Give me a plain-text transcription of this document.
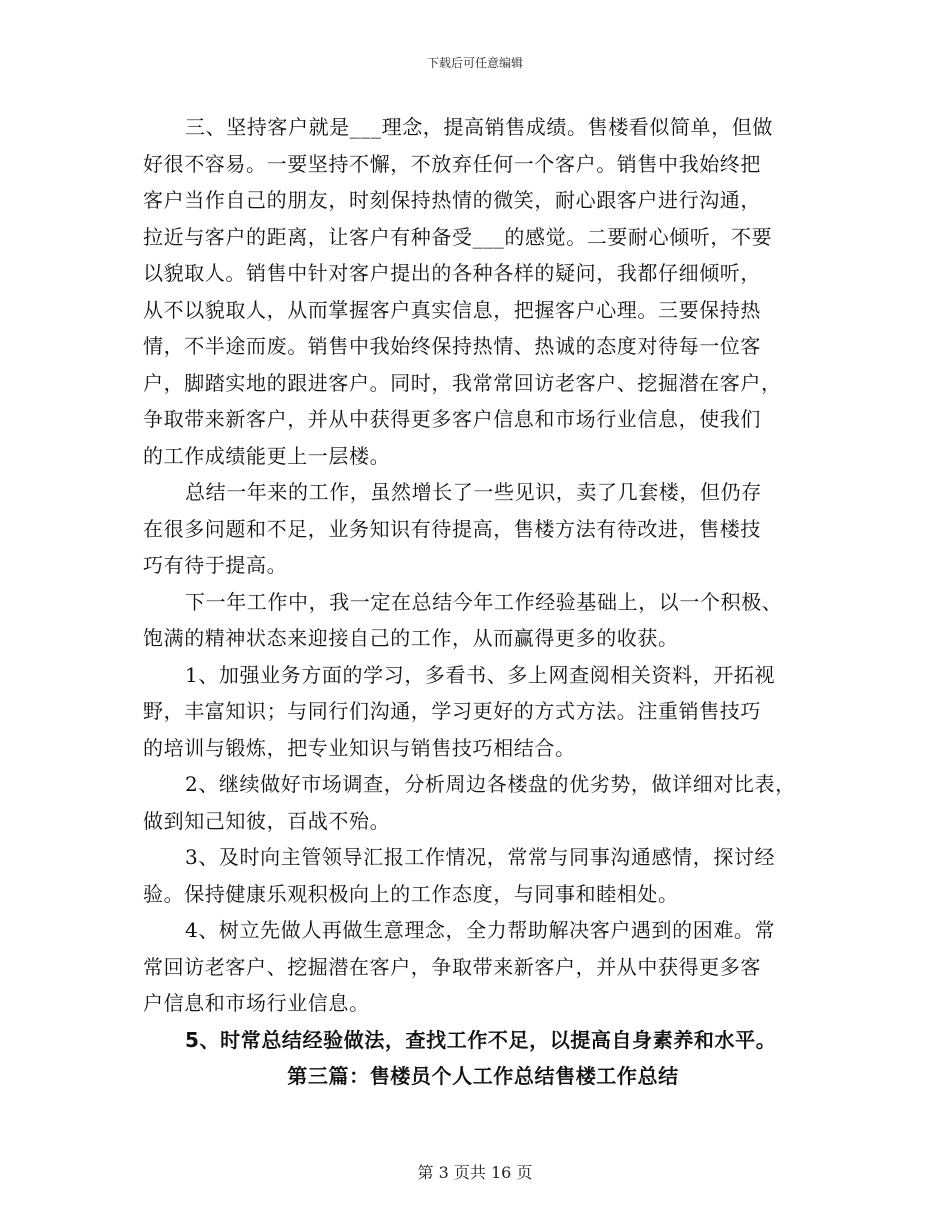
下载后可任意编辑
三、坚持客户就是___理念，提高销售成绩。售楼看似简单，但做
好很不容易。一要坚持不懈，不放弃任何一个客户。销售中我始终把
客户当作自己的朋友，时刻保持热情的微笑，耐心跟客户进行沟通，
拉近与客户的距离，让客户有种备受___的感觉。二要耐心倾听，不要
以貌取人。销售中针对客户提出的各种各样的疑问，我都仔细倾听，
从不以貌取人，从而掌握客户真实信息，把握客户心理。三要保持热
情，不半途而废。销售中我始终保持热情、热诚的态度对待每一位客
户，脚踏实地的跟进客户。同时，我常常回访老客户、挖掘潜在客户，
争取带来新客户，并从中获得更多客户信息和市场行业信息，使我们
的工作成绩能更上一层楼。
总结一年来的工作，虽然增长了一些见识，卖了几套楼，但仍存
在很多问题和不足，业务知识有待提高，售楼方法有待改进，售楼技
巧有待于提高。
下一年工作中，我一定在总结今年工作经验基础上，以一个积极、
饱满的精神状态来迎接自己的工作，从而赢得更多的收获。
1、加强业务方面的学习，多看书、多上网查阅相关资料，开拓视
野，丰富知识；与同行们沟通，学习更好的方式方法。注重销售技巧
的培训与锻炼，把专业知识与销售技巧相结合。
2、继续做好市场调查，分析周边各楼盘的优劣势，做详细对比表，
做到知己知彼，百战不殆。
3、及时向主管领导汇报工作情况，常常与同事沟通感情，探讨经
验。保持健康乐观积极向上的工作态度，与同事和睦相处。
4、树立先做人再做生意理念，全力帮助解决客户遇到的困难。常
常回访老客户、挖掘潜在客户，争取带来新客户，并从中获得更多客
户信息和市场行业信息。
5、时常总结经验做法，查找工作不足，以提高自身素养和水平。
第三篇：售楼员个人工作总结售楼工作总结
第 3 页共 16 页
